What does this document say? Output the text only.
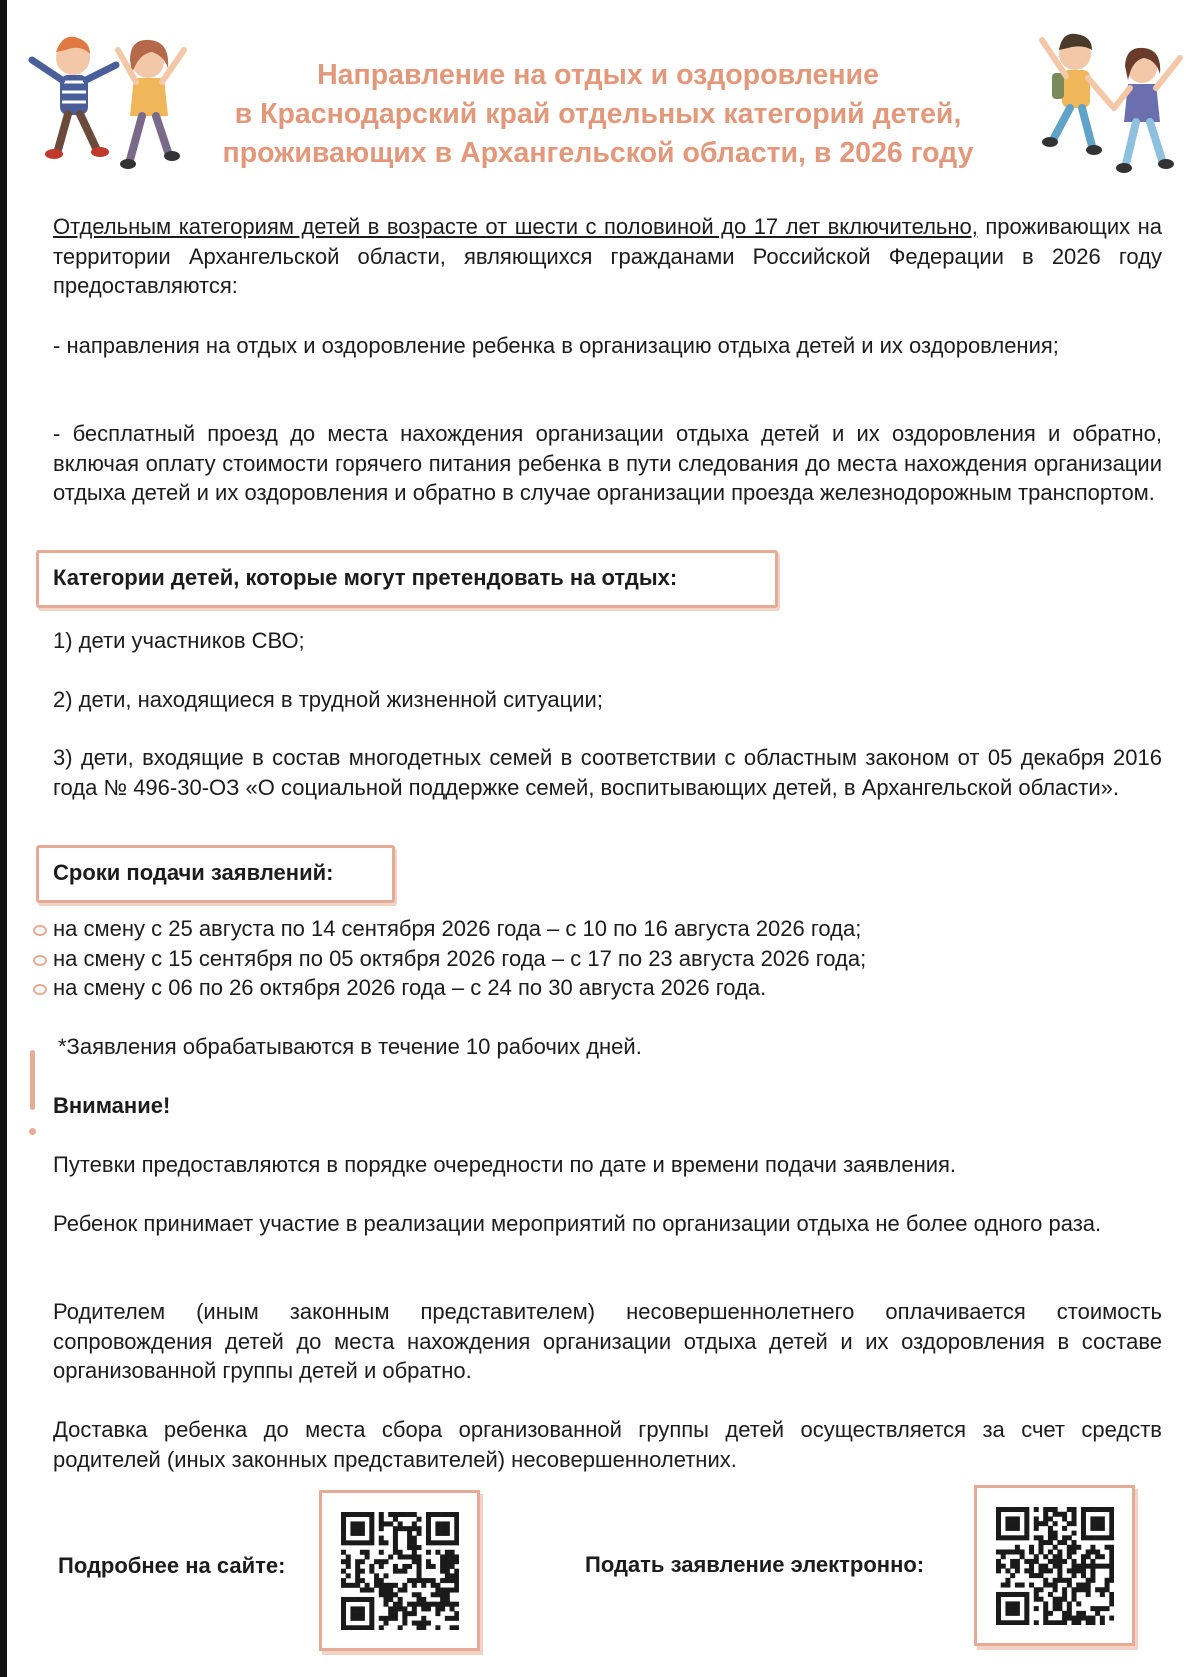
Направление на отдых и оздоровление
в Краснодарский край отдельных категорий детей,
проживающих в Архангельской области, в 2026 году
Отдельным категориям детей в возрасте от шести с половиной до 17 лет включительно, проживающих на территории Архангельской области, являющихся гражданами Российской Федерации в 2026 году предоставляются:
- направления на отдых и оздоровление ребенка в организацию отдыха детей и их оздоровления;
- бесплатный проезд до места нахождения организации отдыха детей и их оздоровления и обратно, включая оплату стоимости горячего питания ребенка в пути следования до места нахождения организации отдыха детей и их оздоровления и обратно в случае организации проезда железнодорожным транспортом.
Категории детей, которые могут претендовать на отдых:
1) дети участников СВО;
2) дети, находящиеся в трудной жизненной ситуации;
3) дети, входящие в состав многодетных семей в соответствии с областным законом от 05 декабря 2016 года № 496-30-ОЗ «О социальной поддержке семей, воспитывающих детей, в Архангельской области».
Сроки подачи заявлений:
на смену с 25 августа по 14 сентября 2026 года – с 10 по 16 августа 2026 года;
на смену с 15 сентября по 05 октября 2026 года – с 17 по 23 августа 2026 года;
на смену с 06 по 26 октября 2026 года – с 24 по 30 августа 2026 года.
*Заявления обрабатываются в течение 10 рабочих дней.
Внимание!
Путевки предоставляются в порядке очередности по дате и времени подачи заявления.
Ребенок принимает участие в реализации мероприятий по организации отдыха не более одного раза.
Родителем (иным законным представителем) несовершеннолетнего оплачивается стоимость сопровождения детей до места нахождения организации отдыха детей и их оздоровления в составе организованной группы детей и обратно.
Доставка ребенка до места сбора организованной группы детей осуществляется за счет средств родителей (иных законных представителей) несовершеннолетних.
Подробнее на сайте:	Подать заявление электронно:
